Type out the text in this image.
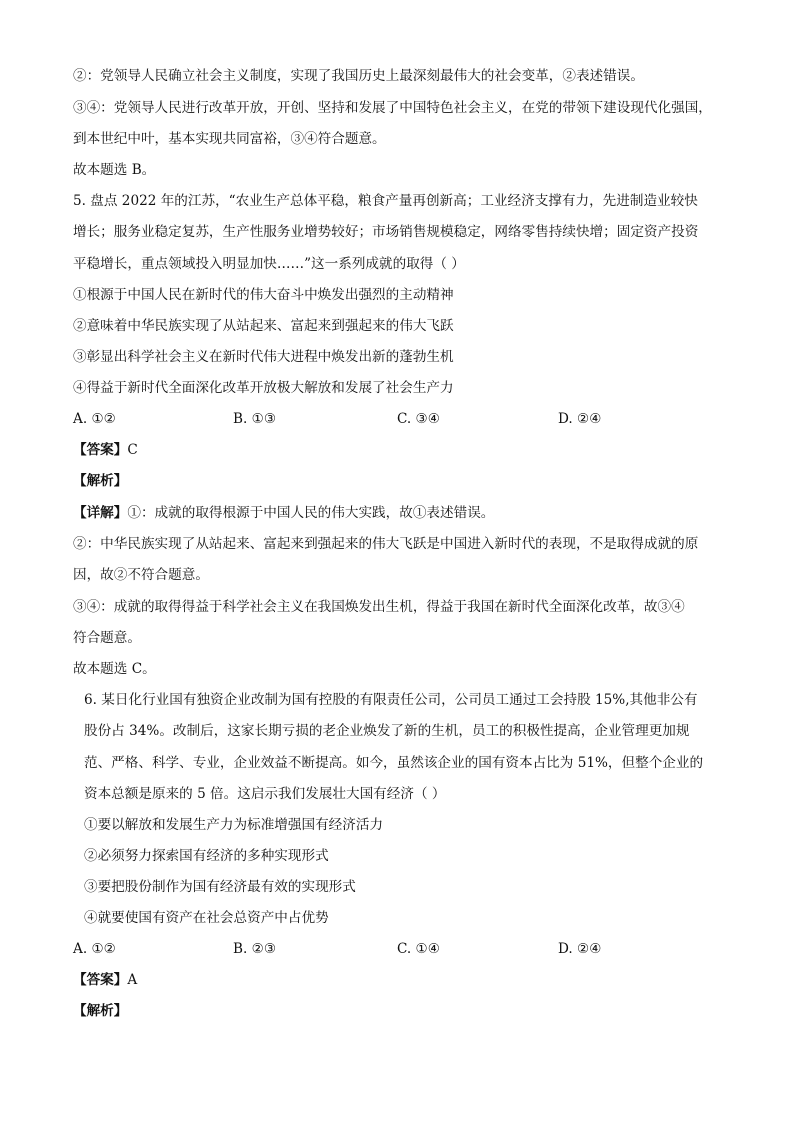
②：党领导人民确立社会主义制度，实现了我国历史上最深刻最伟大的社会变革，②表述错误。
③④：党领导人民进行改革开放，开创、坚持和发展了中国特色社会主义，在党的带领下建设现代化强国，
到本世纪中叶，基本实现共同富裕，③④符合题意。
故本题选 B。
5. 盘点 2022 年的江苏，“农业生产总体平稳，粮食产量再创新高；工业经济支撑有力，先进制造业较快
增长；服务业稳定复苏，生产性服务业增势较好；市场销售规模稳定，网络零售持续快增；固定资产投资
平稳增长，重点领域投入明显加快……”这一系列成就的取得（ ）
①根源于中国人民在新时代的伟大奋斗中焕发出强烈的主动精神
②意味着中华民族实现了从站起来、富起来到强起来的伟大飞跃
③彰显出科学社会主义在新时代伟大进程中焕发出新的蓬勃生机
④得益于新时代全面深化改革开放极大解放和发展了社会生产力
A. ①②	B. ①③	C. ③④	D. ②④
【答案】C
【解析】
【详解】①：成就的取得根源于中国人民的伟大实践，故①表述错误。
②：中华民族实现了从站起来、富起来到强起来的伟大飞跃是中国进入新时代的表现，不是取得成就的原
因，故②不符合题意。
③④：成就的取得得益于科学社会主义在我国焕发出生机，得益于我国在新时代全面深化改革，故③④
符合题意。
故本题选 C。
6. 某日化行业国有独资企业改制为国有控股的有限责任公司，公司员工通过工会持股 15%,其他非公有
股份占 34%。改制后，这家长期亏损的老企业焕发了新的生机，员工的积极性提高，企业管理更加规
范、严格、科学、专业，企业效益不断提高。如今，虽然该企业的国有资本占比为 51%，但整个企业的
资本总额是原来的 5 倍。这启示我们发展壮大国有经济（ ）
①要以解放和发展生产力为标准增强国有经济活力
②必须努力探索国有经济的多种实现形式
③要把股份制作为国有经济最有效的实现形式
④就要使国有资产在社会总资产中占优势
A. ①②	B. ②③	C. ①④	D. ②④
【答案】A
【解析】
